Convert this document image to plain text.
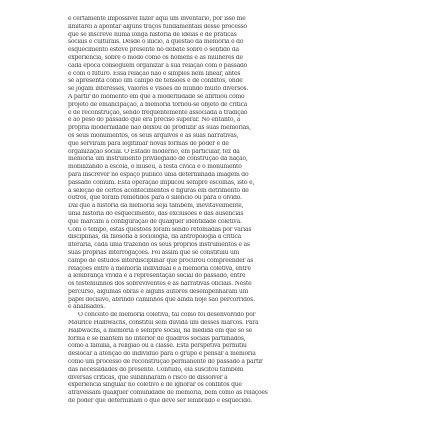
é certamente impossível fazer aqui um inventário, por isso me
limitarei a apontar alguns traços fundamentais desse processo
que se inscreve numa longa história de ideias e de práticas
sociais e culturais. Desde o início, a questão da memória e do
esquecimento esteve presente no debate sobre o sentido da
experiência, sobre o modo como os homens e as mulheres de
cada época conseguem organizar a sua relação com o passado
e com o futuro. Essa relação não é simples nem linear, antes
se apresenta como um campo de tensões e de conflitos, onde
se jogam interesses, valores e visões do mundo muito diversos.
A partir do momento em que a modernidade se afirmou como
projeto de emancipação, a memória tornou-se objeto de crítica
e de reconstrução, sendo frequentemente associada à tradição
e ao peso do passado que era preciso superar. No entanto, a
própria modernidade não deixou de produzir as suas memórias,
os seus monumentos, os seus arquivos e as suas narrativas,
que serviram para legitimar novas formas de poder e de
organização social. O Estado moderno, em particular, fez da
memória um instrumento privilegiado de construção da nação,
mobilizando a escola, o museu, a festa cívica e o monumento
para inscrever no espaço público uma determinada imagem do
passado comum. Esta operação implicou sempre escolhas, isto é,
a seleção de certos acontecimentos e figuras em detrimento de
outros, que foram remetidos para o silêncio ou para o olvido.
Daí que a história da memória seja também, inevitavelmente,
uma história do esquecimento, das exclusões e das ausências
que marcam a configuração de qualquer identidade coletiva.
Com o tempo, estas questões foram sendo retomadas por várias
disciplinas, da filosofia à sociologia, da antropologia à crítica
literária, cada uma trazendo os seus próprios instrumentos e as
suas próprias interrogações. Foi assim que se constituiu um
campo de estudos interdisciplinar que procurou compreender as
relações entre a memória individual e a memória coletiva, entre
a lembrança vivida e a representação social do passado, entre
os testemunhos dos sobreviventes e as narrativas oficiais. Neste
percurso, algumas obras e alguns autores desempenharam um
papel decisivo, abrindo caminhos que ainda hoje são percorridos.
e analisados.
O conceito de memória coletiva, tal como foi desenvolvido por
Maurice Halbwachs, constitui sem dúvida um desses marcos. Para
Halbwachs, a memória é sempre social, na medida em que só se
forma e se mantém no interior de quadros sociais partilhados,
como a família, a religião ou a classe. Esta perspetiva permitiu
deslocar a atenção do indivíduo para o grupo e pensar a memória
como um processo de reconstrução permanente do passado a partir
das necessidades do presente. Contudo, ela suscitou também
diversas críticas, que sublinharam o risco de dissolver a
experiência singular no coletivo e de ignorar os conflitos que
atravessam qualquer comunidade de memória, bem como as relações
de poder que determinam o que deve ser lembrado e esquecido.
